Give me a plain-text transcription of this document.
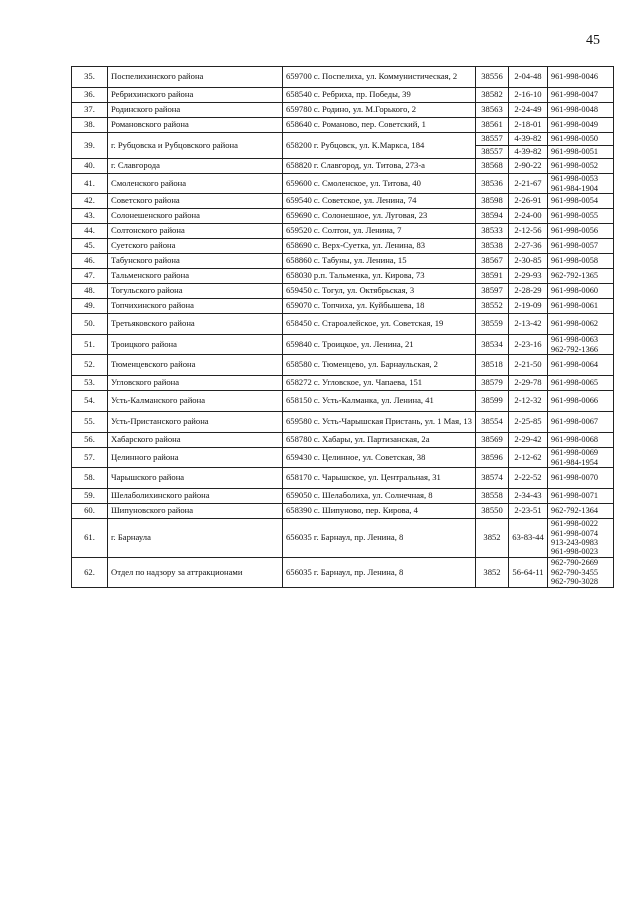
45
35.	Поспелихинского района	659700 с. Поспелиха, ул. Коммунистическая, 2	38556	2-04-48	961-998-0046

36.	Ребрихинского района	658540 с. Ребриха, пр. Победы, 39	38582	2-16-10	961-998-0047

37.	Родинского района	659780 с. Родино, ул. М.Горького, 2	38563	2-24-49	961-998-0048

38.	Романовского района	658640 с. Романово, пер. Советский, 1	38561	2-18-01	961-998-0049

39.	г. Рубцовска и Рубцовского района	658200 г. Рубцовск, ул. К.Маркса, 184	38557	4-39-82	961-998-0050
			38557	4-39-82	961-998-0051
40.	г. Славгорода	658820 г. Славгород, ул. Титова, 273-а	38568	2-90-22	961-998-0052

41.	Смоленского района	659600 с. Смоленское, ул. Титова, 40	38536	2-21-67	961-998-0053
961-984-1904

42.	Советского района	659540 с. Советское, ул. Ленина, 74	38598	2-26-91	961-998-0054

43.	Солонешенского района	659690 с. Солонешное, ул. Луговая, 23	38594	2-24-00	961-998-0055

44.	Солтонского района	659520 с. Солтон, ул. Ленина, 7	38533	2-12-56	961-998-0056

45.	Суетского района	658690 с. Верх-Суетка, ул. Ленина, 83	38538	2-27-36	961-998-0057

46.	Табунского района	658860 с. Табуны, ул. Ленина, 15	38567	2-30-85	961-998-0058

47.	Тальменского района	658030 р.п. Тальменка, ул. Кирова, 73	38591	2-29-93	962-792-1365

48.	Тогульского района	659450 с. Тогул, ул. Октябрьская, 3	38597	2-28-29	961-998-0060

49.	Топчихинского района	659070 с. Топчиха, ул. Куйбышева, 18	38552	2-19-09	961-998-0061

50.	Третьяковского района	658450 с. Староалейское, ул. Советская, 19	38559	2-13-42	961-998-0062

51.	Троицкого района	659840 с. Троицкое, ул. Ленина, 21	38534	2-23-16	961-998-0063
962-792-1366

52.	Тюменцевского района	658580 с. Тюменцево, ул. Барнаульская, 2	38518	2-21-50	961-998-0064

53.	Угловского района	658272 с. Угловское, ул. Чапаева, 151	38579	2-29-78	961-998-0065

54.	Усть-Калманского района	658150 с. Усть-Калманка, ул. Ленина, 41	38599	2-12-32	961-998-0066

55.	Усть-Пристанского района	659580 с. Усть-Чарышская Пристань, ул. 1 Мая, 13	38554	2-25-85	961-998-0067

56.	Хабарского района	658780 с. Хабары, ул. Партизанская, 2а	38569	2-29-42	961-998-0068

57.	Целинного района	659430 с. Целинное, ул. Советская, 38	38596	2-12-62	961-998-0069
961-984-1954

58.	Чарышского района	658170 с. Чарышское, ул. Центральная, 31	38574	2-22-52	961-998-0070

59.	Шелаболихинского района	659050 с. Шелаболиха, ул. Солнечная, 8	38558	2-34-43	961-998-0071

60.	Шипуновского района	658390 с. Шипуново, пер. Кирова, 4	38550	2-23-51	962-792-1364

61.	г. Барнаула	656035 г. Барнаул, пр. Ленина, 8	3852	63-83-44	961-998-0022
961-998-0074
913-243-0983
961-998-0023

62.	Отдел по надзору за аттракционами	656035 г. Барнаул, пр. Ленина, 8	3852	56-64-11	962-790-2669
962-790-3455
962-790-3028
